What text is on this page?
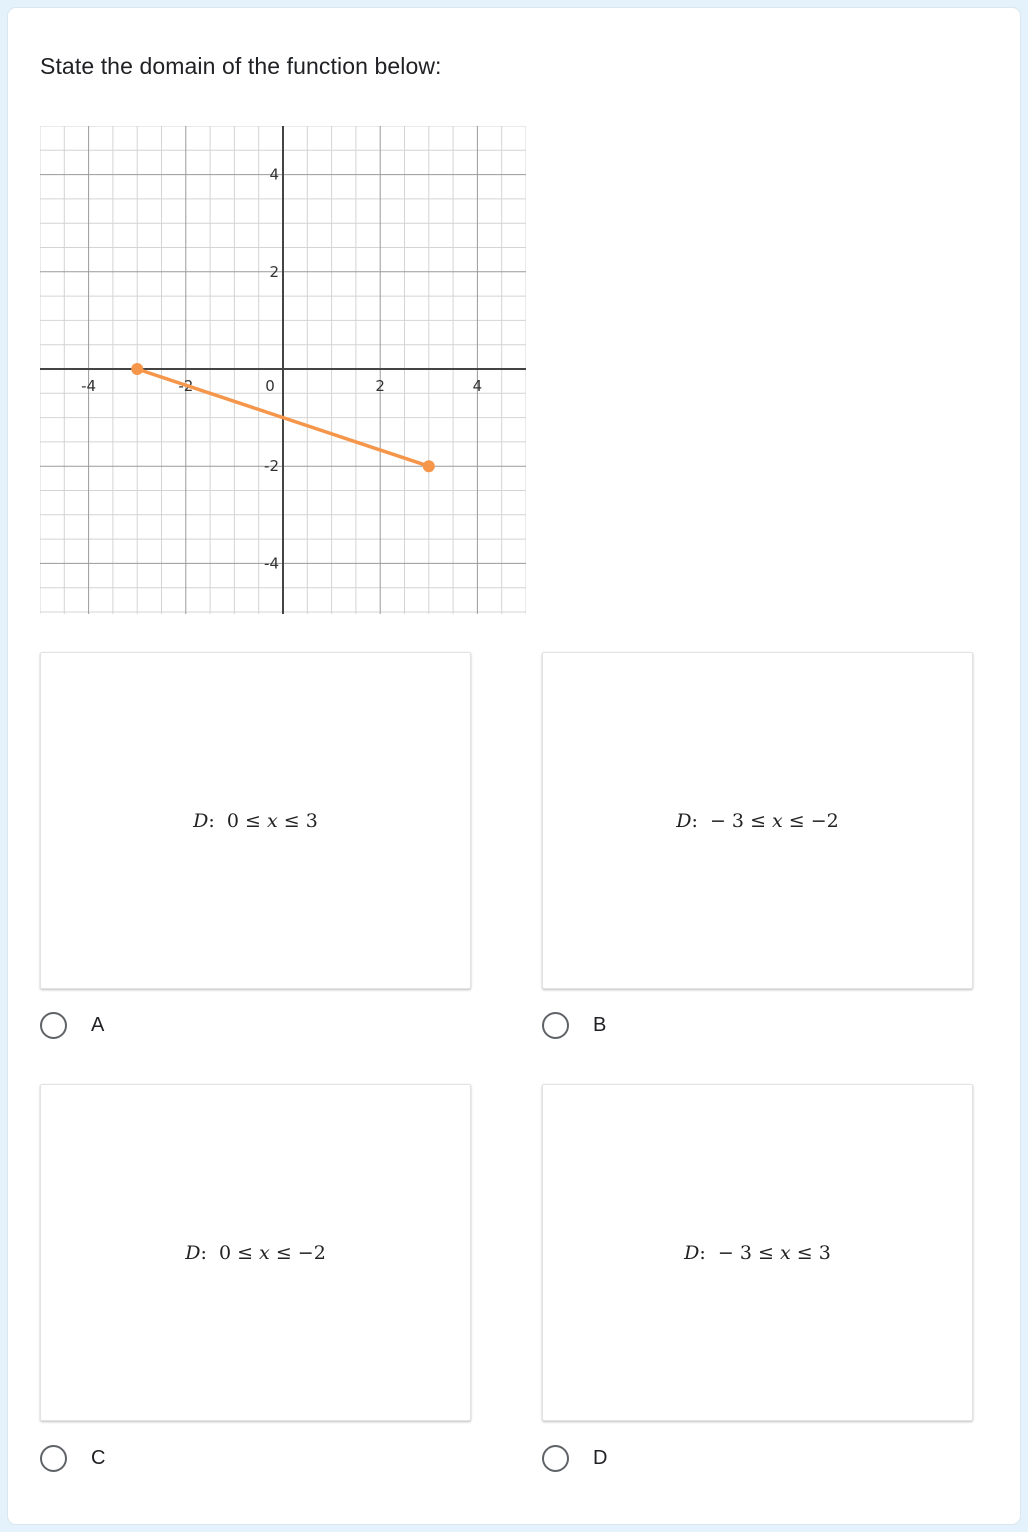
State the domain of the function below:
-4	-2	0	2	4
4
2
-2
-4
D: 0 ≤ x ≤ 3
A
D: − 3 ≤ x ≤ −2
B
D: 0 ≤ x ≤ −2
C
D: − 3 ≤ x ≤ 3
D
